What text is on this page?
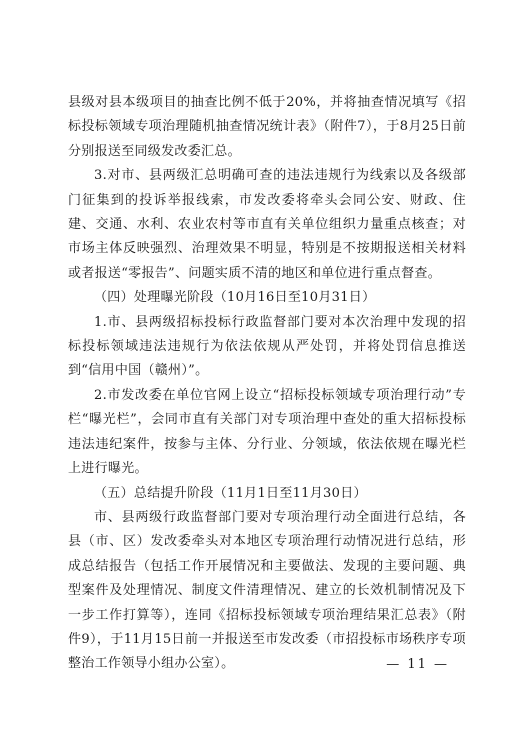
县级对县本级项目的抽查比例不低于20%，并将抽查情况填写《招标投标领域专项治理随机抽查情况统计表》（附件7），于8月25日前分别报送至同级发改委汇总。

3.对市、县两级汇总明确可查的违法违规行为线索以及各级部门征集到的投诉举报线索，市发改委将牵头会同公安、财政、住建、交通、水利、农业农村等市直有关单位组织力量重点核查；对市场主体反映强烈、治理效果不明显，特别是不按期报送相关材料或者报送“零报告”、问题实质不清的地区和单位进行重点督查。

（四）处理曝光阶段（10月16日至10月31日）

1.市、县两级招标投标行政监督部门要对本次治理中发现的招标投标领域违法违规行为依法依规从严处罚，并将处罚信息推送到“信用中国（赣州）”。

2.市发改委在单位官网上设立“招标投标领域专项治理行动”专栏“曝光栏”，会同市直有关部门对专项治理中查处的重大招标投标违法违纪案件，按参与主体、分行业、分领域，依法依规在曝光栏上进行曝光。

（五）总结提升阶段（11月1日至11月30日）

市、县两级行政监督部门要对专项治理行动全面进行总结，各县（市、区）发改委牵头对本地区专项治理行动情况进行总结，形成总结报告（包括工作开展情况和主要做法、发现的主要问题、典型案件及处理情况、制度文件清理情况、建立的长效机制情况及下一步工作打算等），连同《招标投标领域专项治理结果汇总表》（附件9），于11月15日前一并报送至市发改委（市招投标市场秩序专项整治工作领导小组办公室）。	— 11 —
